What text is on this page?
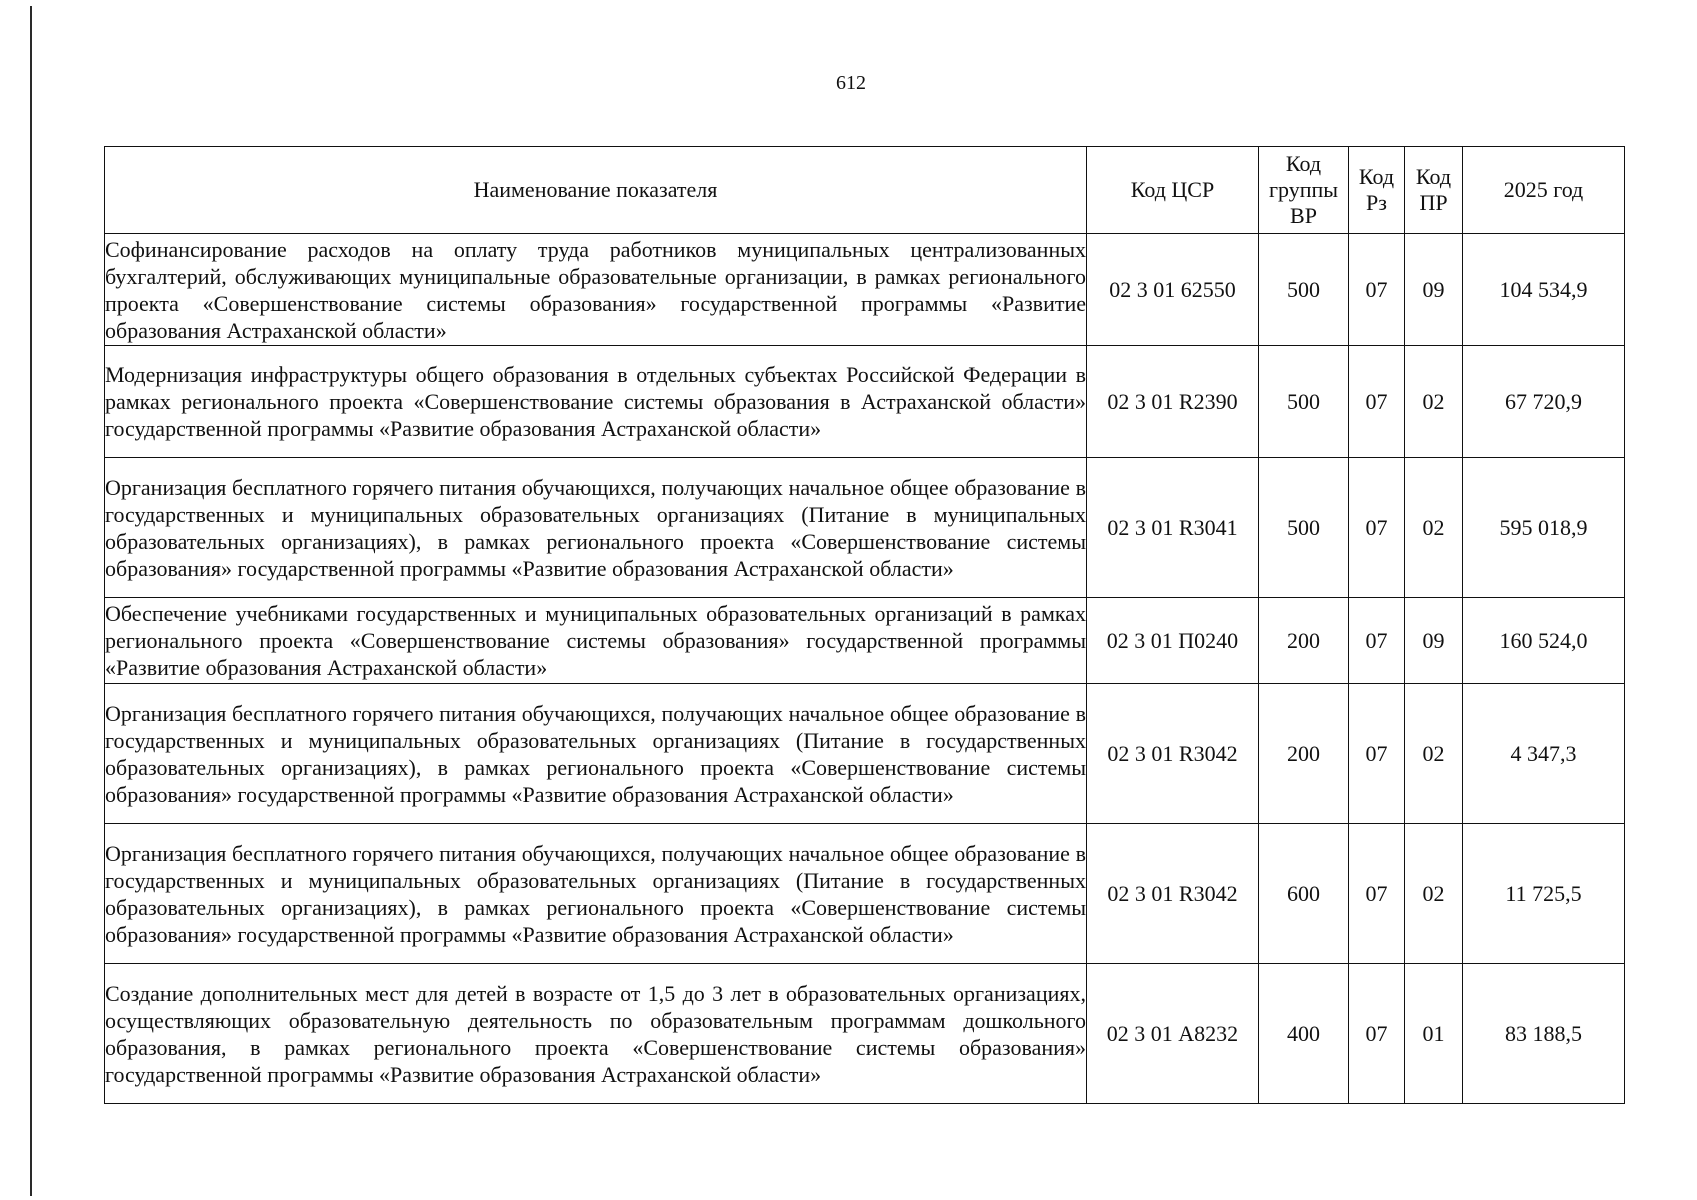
612
Наименование показателя	Код ЦСР	Код группы ВР	Код Рз	Код ПР	2025 год
Софинансирование расходов на оплату труда работников муниципальных централизованных бухгалтерий, обслуживающих муниципальные образовательные организации, в рамках регионального проекта «Совершенствование системы образования» государственной программы «Развитие образования Астраханской области»	02 3 01 62550	500	07	09	104 534,9
Модернизация инфраструктуры общего образования в отдельных субъектах Российской Федерации в рамках регионального проекта «Совершенствование системы образования в Астраханской области» государственной программы «Развитие образования Астраханской области»	02 3 01 R2390	500	07	02	67 720,9
Организация бесплатного горячего питания обучающихся, получающих начальное общее образование в государственных и муниципальных образовательных организациях (Питание в муниципальных образовательных организациях), в рамках регионального проекта «Совершенствование системы образования» государственной программы «Развитие образования Астраханской области»	02 3 01 R3041	500	07	02	595 018,9
Обеспечение учебниками государственных и муниципальных образовательных организаций в рамках регионального проекта «Совершенствование системы образования» государственной программы «Развитие образования Астраханской области»	02 3 01 П0240	200	07	09	160 524,0
Организация бесплатного горячего питания обучающихся, получающих начальное общее образование в государственных и муниципальных образовательных организациях (Питание в государственных образовательных организациях), в рамках регионального проекта «Совершенствование системы образования» государственной программы «Развитие образования Астраханской области»	02 3 01 R3042	200	07	02	4 347,3
Организация бесплатного горячего питания обучающихся, получающих начальное общее образование в государственных и муниципальных образовательных организациях (Питание в государственных образовательных организациях), в рамках регионального проекта «Совершенствование системы образования» государственной программы «Развитие образования Астраханской области»	02 3 01 R3042	600	07	02	11 725,5
Создание дополнительных мест для детей в возрасте от 1,5 до 3 лет в образовательных организациях, осуществляющих образовательную деятельность по образовательным программам дошкольного образования, в рамках регионального проекта «Совершенствование системы образования» государственной программы «Развитие образования Астраханской области»	02 3 01 А8232	400	07	01	83 188,5
